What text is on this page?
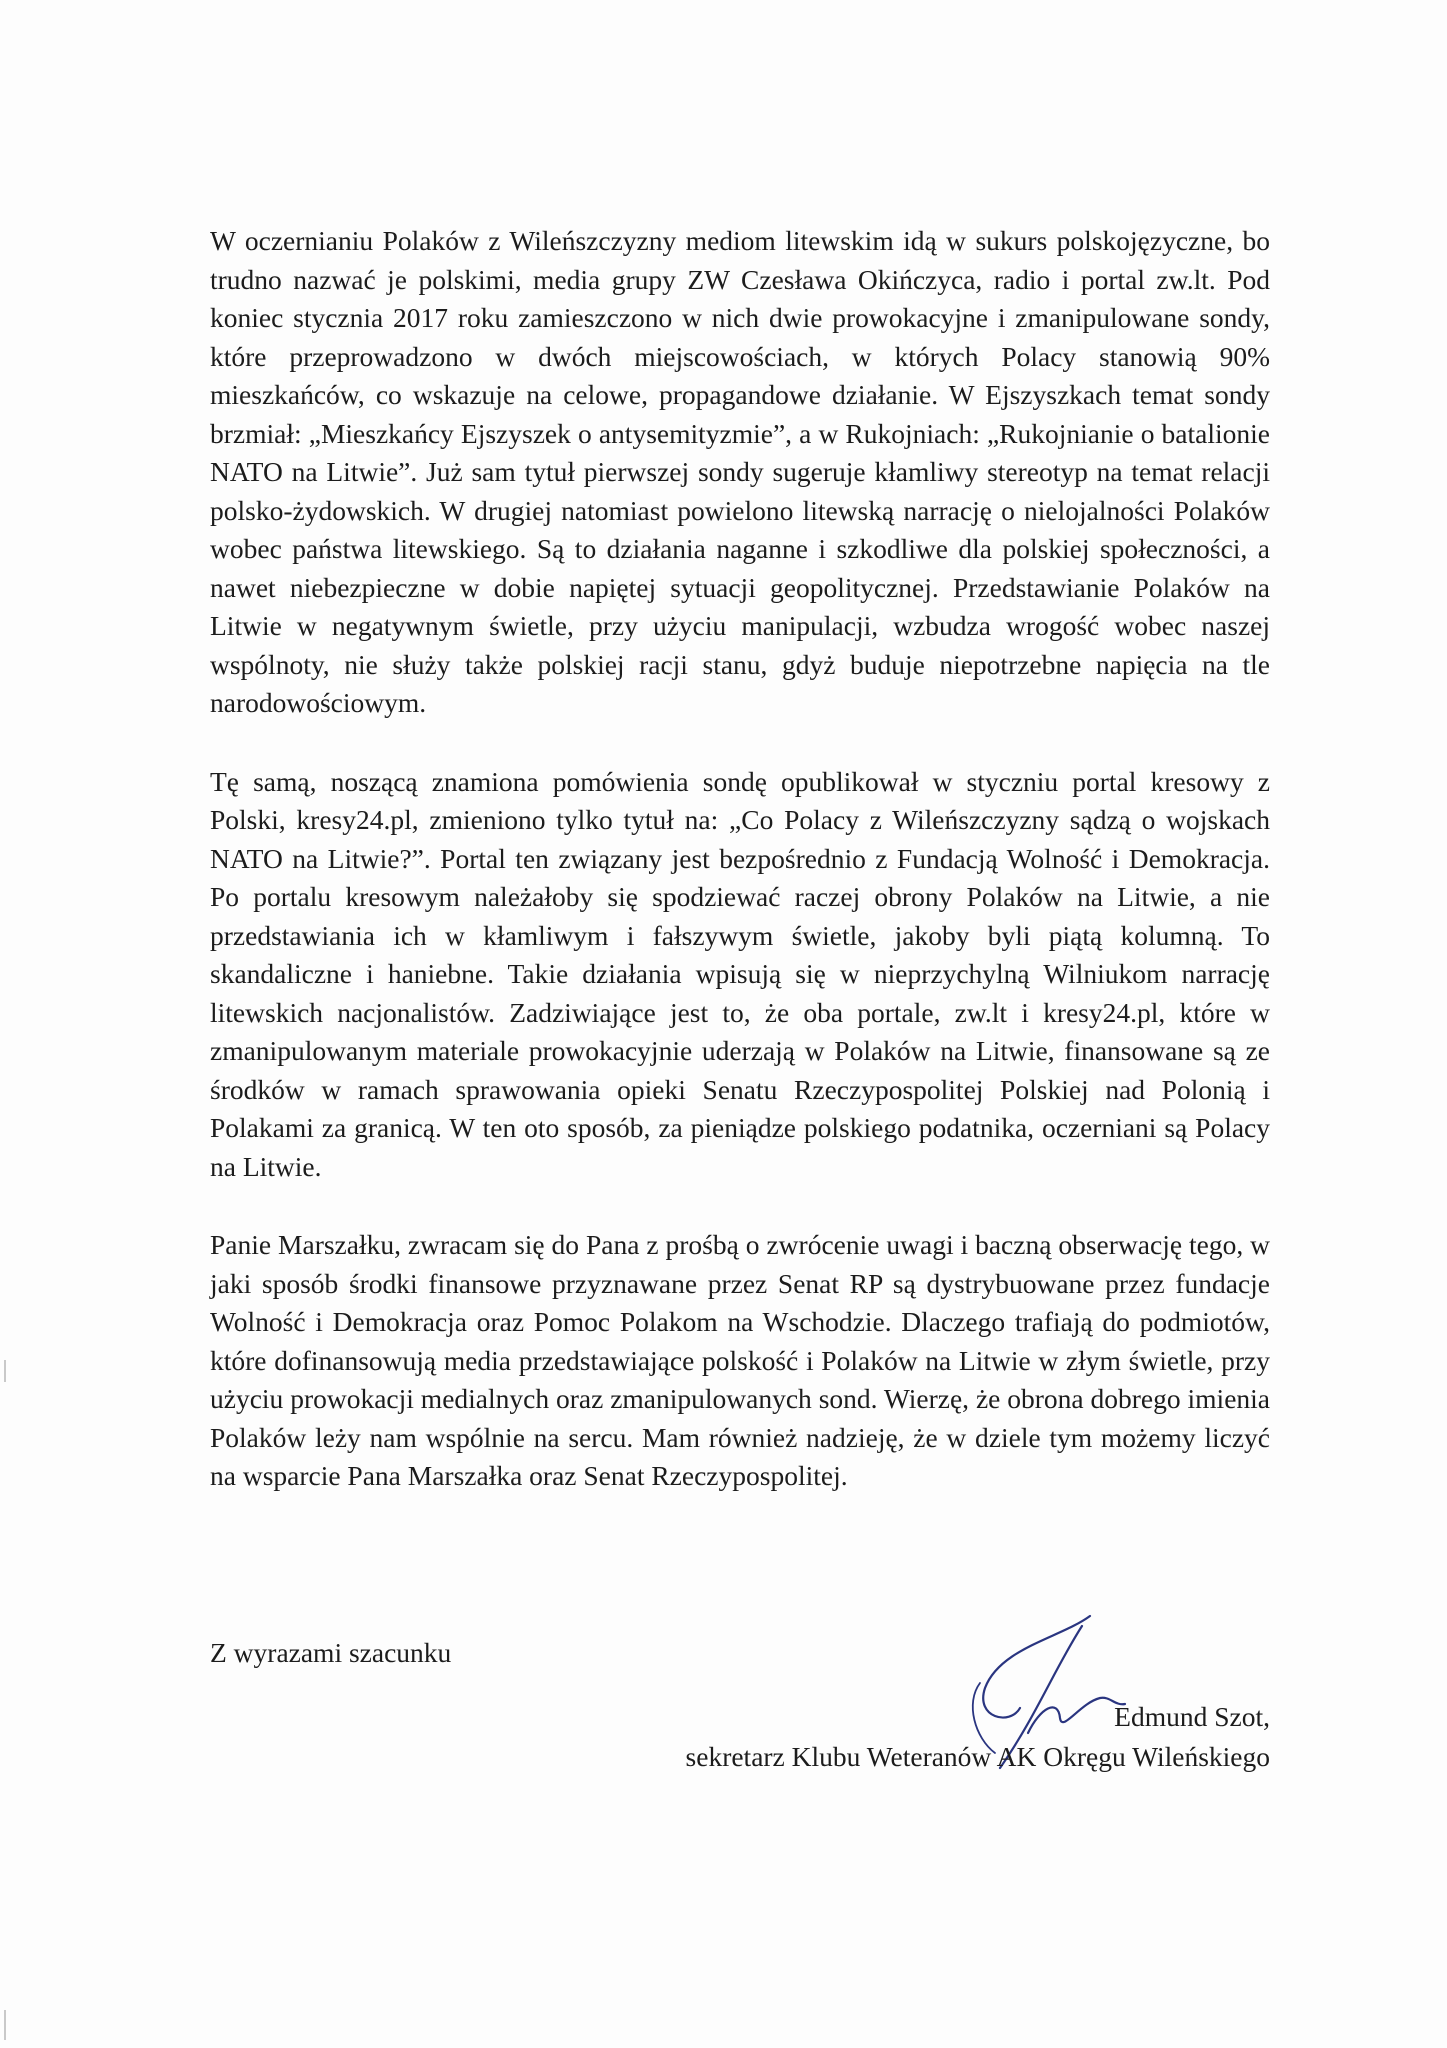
W oczernianiu Polaków z Wileńszczyzny mediom litewskim idą w sukurs polskojęzyczne, bo trudno nazwać je polskimi, media grupy ZW Czesława Okińczyca, radio i portal zw.lt. Pod koniec stycznia 2017 roku zamieszczono w nich dwie prowokacyjne i zmanipulowane sondy, które przeprowadzono w dwóch miejscowościach, w których Polacy stanowią 90% mieszkańców, co wskazuje na celowe, propagandowe działanie. W Ejszyszkach temat sondy brzmiał: „Mieszkańcy Ejszyszek o antysemityzmie”, a w Rukojniach: „Rukojnianie o batalionie NATO na Litwie”. Już sam tytuł pierwszej sondy sugeruje kłamliwy stereotyp na temat relacji polsko-żydowskich. W drugiej natomiast powielono litewską narrację o nielojalności Polaków wobec państwa litewskiego. Są to działania naganne i szkodliwe dla polskiej społeczności, a nawet niebezpieczne w dobie napiętej sytuacji geopolitycznej. Przedstawianie Polaków na Litwie w negatywnym świetle, przy użyciu manipulacji, wzbudza wrogość wobec naszej wspólnoty, nie służy także polskiej racji stanu, gdyż buduje niepotrzebne napięcia na tle narodowościowym.

Tę samą, noszącą znamiona pomówienia sondę opublikował w styczniu portal kresowy z Polski, kresy24.pl, zmieniono tylko tytuł na: „Co Polacy z Wileńszczyzny sądzą o wojskach NATO na Litwie?”. Portal ten związany jest bezpośrednio z Fundacją Wolność i Demokracja. Po portalu kresowym należałoby się spodziewać raczej obrony Polaków na Litwie, a nie przedstawiania ich w kłamliwym i fałszywym świetle, jakoby byli piątą kolumną. To skandaliczne i haniebne. Takie działania wpisują się w nieprzychylną Wilniukom narrację litewskich nacjonalistów. Zadziwiające jest to, że oba portale, zw.lt i kresy24.pl, które w zmanipulowanym materiale prowokacyjnie uderzają w Polaków na Litwie, finansowane są ze środków w ramach sprawowania opieki Senatu Rzeczypospolitej Polskiej nad Polonią i Polakami za granicą. W ten oto sposób, za pieniądze polskiego podatnika, oczerniani są Polacy na Litwie.

Panie Marszałku, zwracam się do Pana z prośbą o zwrócenie uwagi i baczną obserwację tego, w jaki sposób środki finansowe przyznawane przez Senat RP są dystrybuowane przez fundacje Wolność i Demokracja oraz Pomoc Polakom na Wschodzie. Dlaczego trafiają do podmiotów, które dofinansowują media przedstawiające polskość i Polaków na Litwie w złym świetle, przy użyciu prowokacji medialnych oraz zmanipulowanych sond. Wierzę, że obrona dobrego imienia Polaków leży nam wspólnie na sercu. Mam również nadzieję, że w dziele tym możemy liczyć na wsparcie Pana Marszałka oraz Senat Rzeczypospolitej.

Z wyrazami szacunku
Edmund Szot,
sekretarz Klubu Weteranów AK Okręgu Wileńskiego
